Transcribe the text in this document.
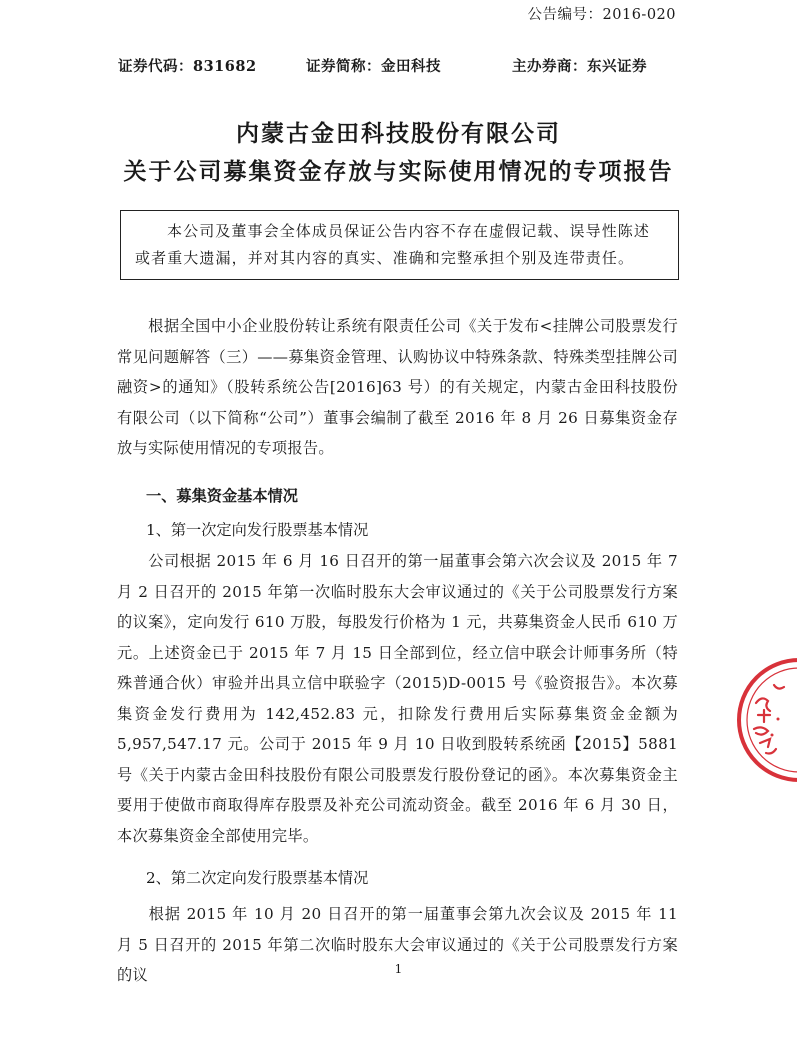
公告编号：2016-020
证券代码：831682	证券简称：金田科技	主办券商：东兴证券
内蒙古金田科技股份有限公司
关于公司募集资金存放与实际使用情况的专项报告
本公司及董事会全体成员保证公告内容不存在虚假记载、误导性陈述或者重大遗漏，并对其内容的真实、准确和完整承担个别及连带责任。
根据全国中小企业股份转让系统有限责任公司《关于发布<挂牌公司股票发行常见问题解答（三）——募集资金管理、认购协议中特殊条款、特殊类型挂牌公司融资>的通知》（股转系统公告[2016]63 号）的有关规定，内蒙古金田科技股份有限公司（以下简称“公司”）董事会编制了截至 2016 年 8 月 26 日募集资金存放与实际使用情况的专项报告。
一、募集资金基本情况
1、第一次定向发行股票基本情况
公司根据 2015 年 6 月 16 日召开的第一届董事会第六次会议及 2015 年 7 月 2 日召开的 2015 年第一次临时股东大会审议通过的《关于公司股票发行方案的议案》，定向发行 610 万股，每股发行价格为 1 元，共募集资金人民币 610 万元。上述资金已于 2015 年 7 月 15 日全部到位，经立信中联会计师事务所（特殊普通合伙）审验并出具立信中联验字（2015)D-0015 号《验资报告》。本次募集资金发行费用为 142,452.83 元，扣除发行费用后实际募集资金金额为 5,957,547.17 元。公司于 2015 年 9 月 10 日收到股转系统函【2015】5881 号《关于内蒙古金田科技股份有限公司股票发行股份登记的函》。本次募集资金主要用于使做市商取得库存股票及补充公司流动资金。截至 2016 年 6 月 30 日，本次募集资金全部使用完毕。
2、第二次定向发行股票基本情况
根据 2015 年 10 月 20 日召开的第一届董事会第九次会议及 2015 年 11 月 5 日召开的 2015 年第二次临时股东大会审议通过的《关于公司股票发行方案的议	1
